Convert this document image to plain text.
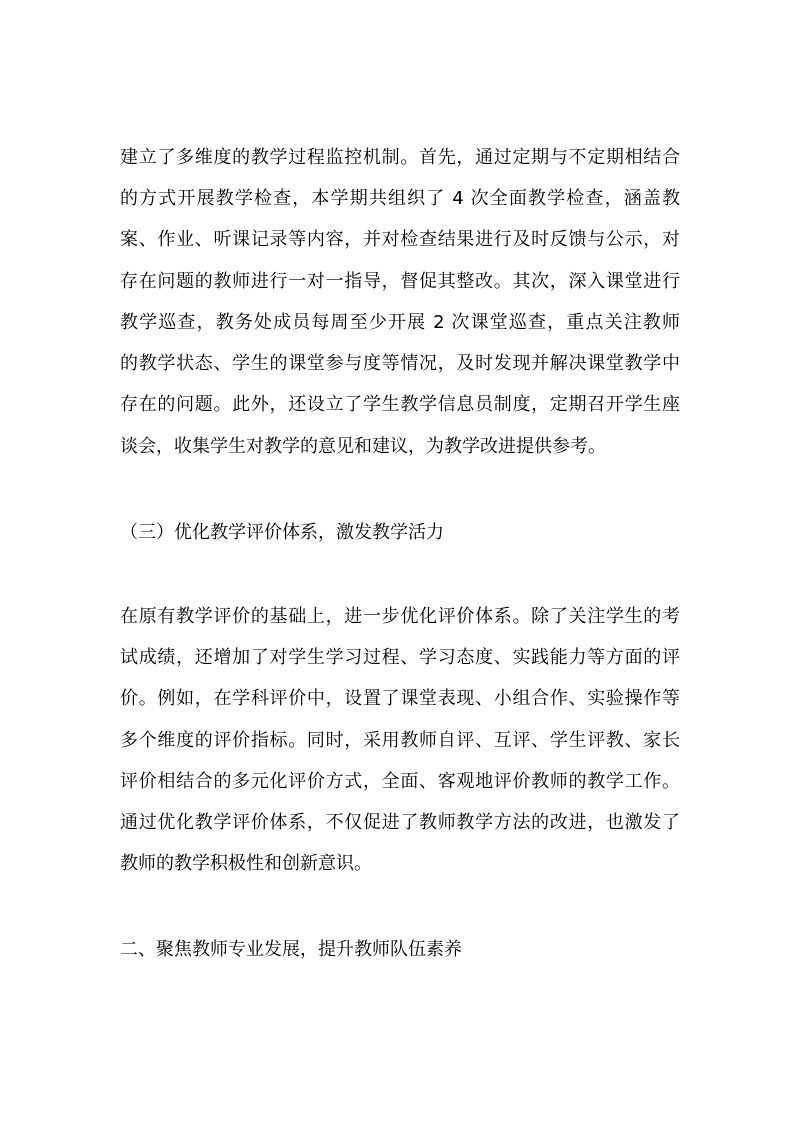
建立了多维度的教学过程监控机制。首先，通过定期与不定期相结合

的方式开展教学检查，本学期共组织了 4 次全面教学检查，涵盖教

案、作业、听课记录等内容，并对检查结果进行及时反馈与公示，对

存在问题的教师进行一对一指导，督促其整改。其次，深入课堂进行

教学巡查，教务处成员每周至少开展 2 次课堂巡查，重点关注教师

的教学状态、学生的课堂参与度等情况，及时发现并解决课堂教学中

存在的问题。此外，还设立了学生教学信息员制度，定期召开学生座

谈会，收集学生对教学的意见和建议，为教学改进提供参考。

（三）优化教学评价体系，激发教学活力

在原有教学评价的基础上，进一步优化评价体系。除了关注学生的考

试成绩，还增加了对学生学习过程、学习态度、实践能力等方面的评

价。例如，在学科评价中，设置了课堂表现、小组合作、实验操作等

多个维度的评价指标。同时，采用教师自评、互评、学生评教、家长

评价相结合的多元化评价方式，全面、客观地评价教师的教学工作。

通过优化教学评价体系，不仅促进了教师教学方法的改进，也激发了

教师的教学积极性和创新意识。

二、聚焦教师专业发展，提升教师队伍素养
